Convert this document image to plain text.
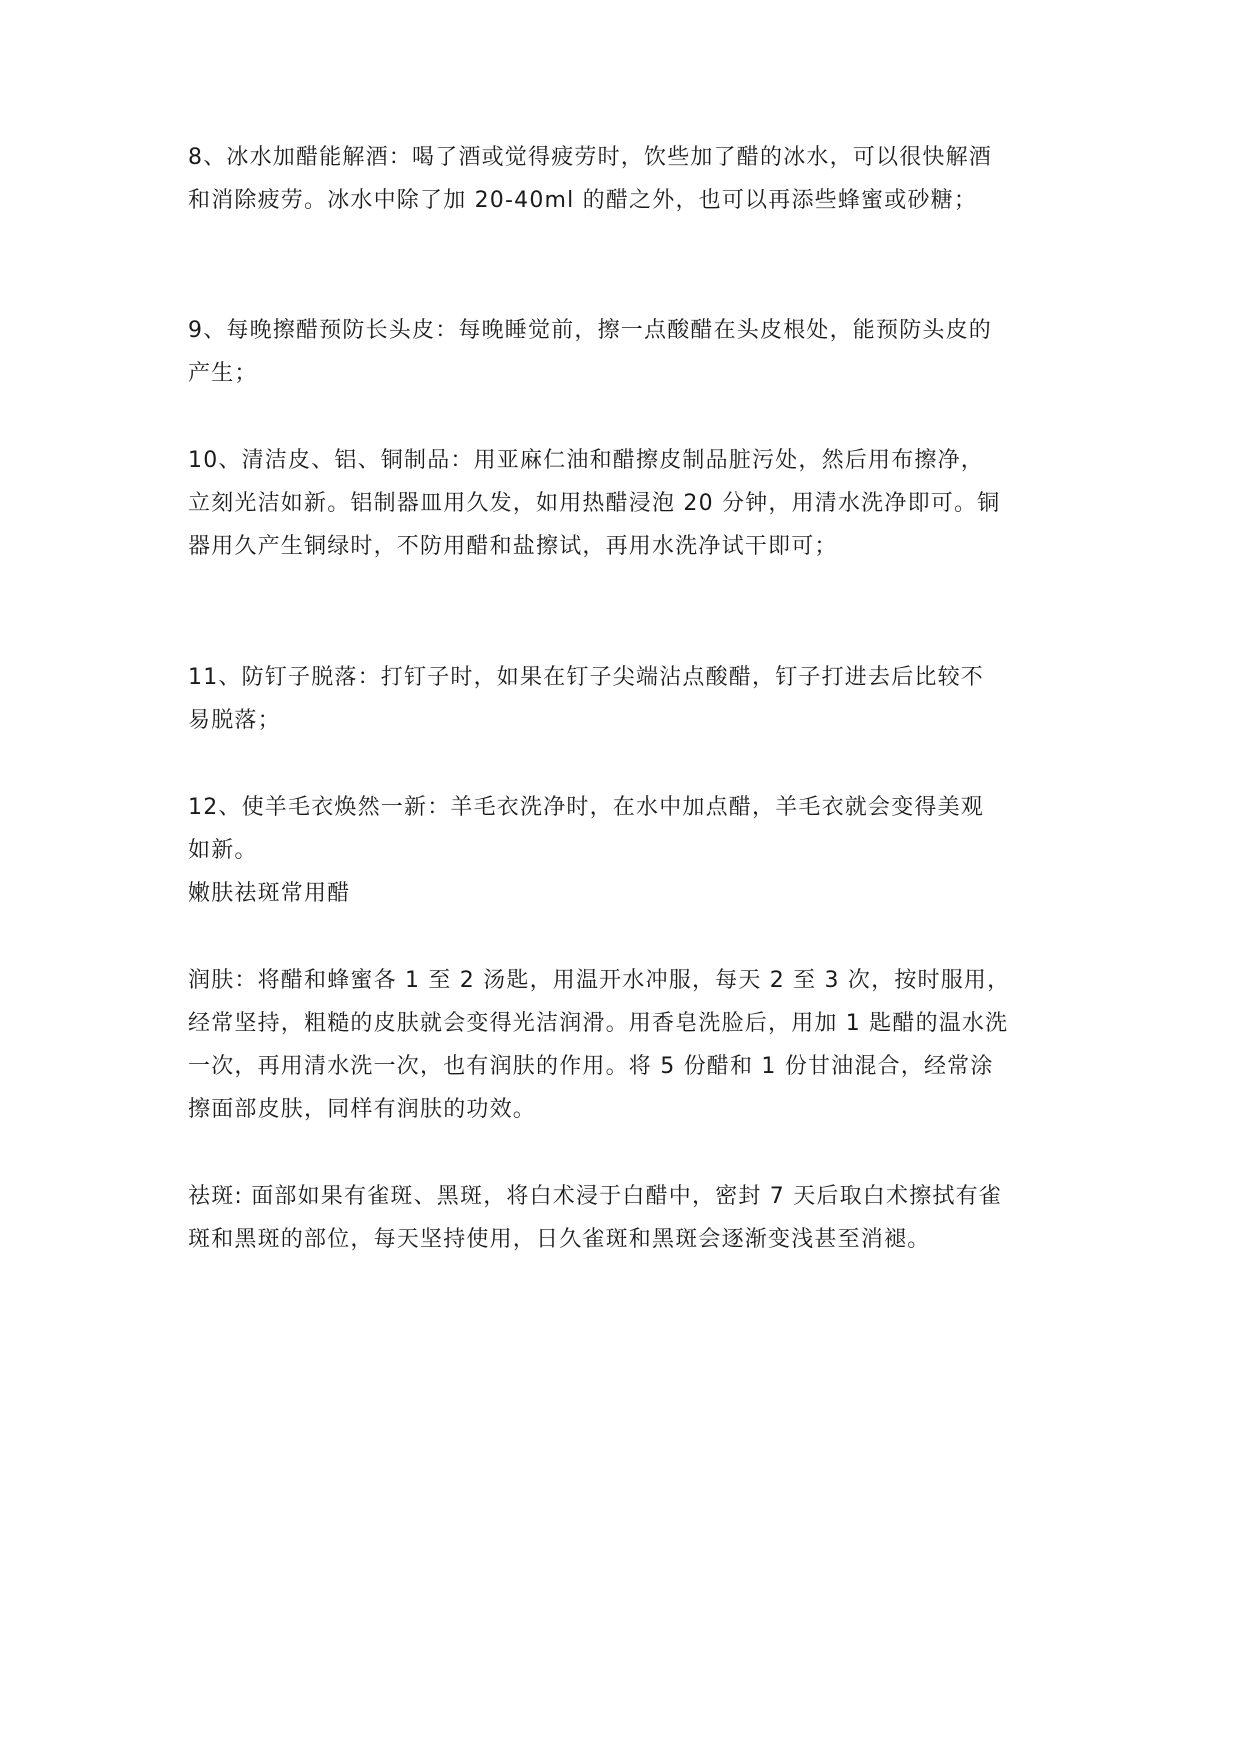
8、冰水加醋能解酒：喝了酒或觉得疲劳时，饮些加了醋的冰水，可以很快解酒
和消除疲劳。冰水中除了加 20-40ml 的醋之外，也可以再添些蜂蜜或砂糖；
9、每晚擦醋预防长头皮：每晚睡觉前，擦一点酸醋在头皮根处，能预防头皮的
产生；
10、清洁皮、铝、铜制品：用亚麻仁油和醋擦皮制品脏污处，然后用布擦净，
立刻光洁如新。铝制器皿用久发，如用热醋浸泡 20 分钟，用清水洗净即可。铜
器用久产生铜绿时，不防用醋和盐擦试，再用水洗净试干即可；
11、防钉子脱落：打钉子时，如果在钉子尖端沾点酸醋，钉子打进去后比较不
易脱落；
12、使羊毛衣焕然一新：羊毛衣洗净时，在水中加点醋，羊毛衣就会变得美观
如新。
嫩肤祛斑常用醋
润肤：将醋和蜂蜜各 1 至 2 汤匙，用温开水冲服，每天 2 至 3 次，按时服用，
经常坚持，粗糙的皮肤就会变得光洁润滑。用香皂洗脸后，用加 1 匙醋的温水洗
一次，再用清水洗一次，也有润肤的作用。将 5 份醋和 1 份甘油混合，经常涂
擦面部皮肤，同样有润肤的功效。
祛斑: 面部如果有雀斑、黑斑，将白术浸于白醋中，密封 7 天后取白术擦拭有雀
斑和黑斑的部位，每天坚持使用，日久雀斑和黑斑会逐渐变浅甚至消褪。
